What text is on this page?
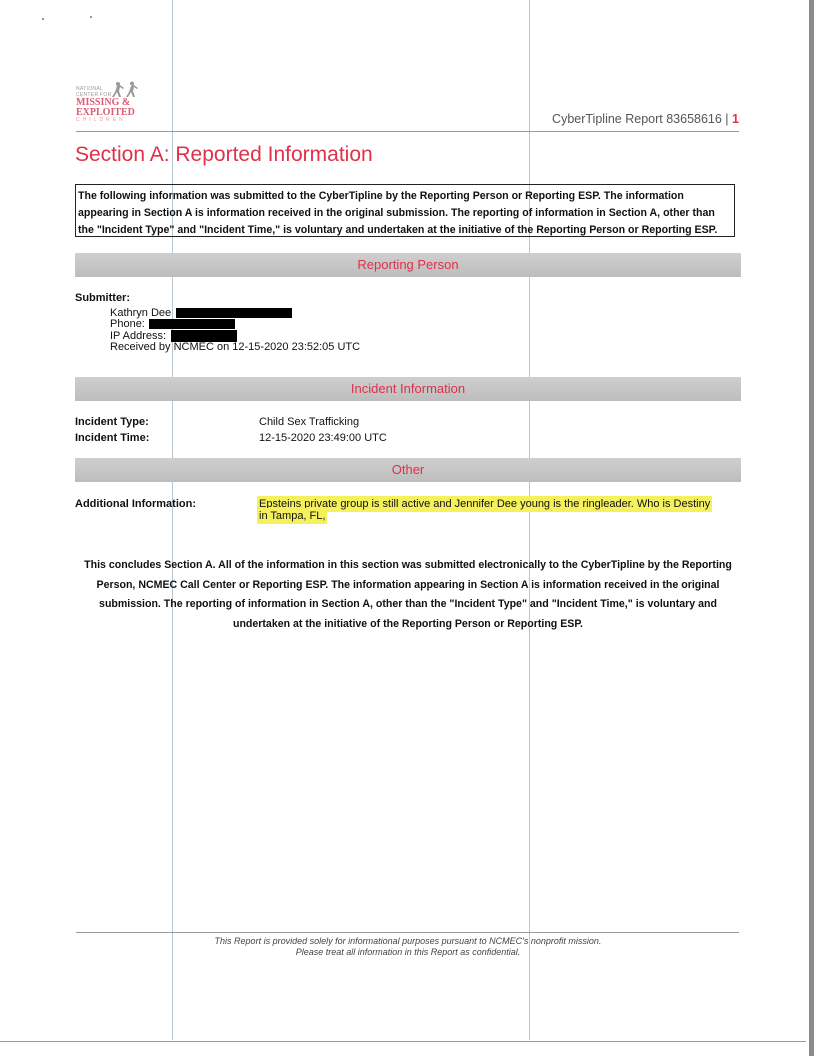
NATIONAL
CENTER FOR
MISSING &
EXPLOITED
CHILDREN	CyberTipline Report 83658616 | 1
Section A: Reported Information
The following information was submitted to the CyberTipline by the Reporting Person or Reporting ESP. The information appearing in Section A is information received in the original submission. The reporting of information in Section A, other than the "Incident Type" and "Incident Time," is voluntary and undertaken at the initiative of the Reporting Person or Reporting ESP.
Reporting Person
Submitter:
Kathryn Dee
Phone:
IP Address:
Received by NCMEC on 12-15-2020 23:52:05 UTC
Incident Information
Incident Type:	Child Sex Trafficking
Incident Time:	12-15-2020 23:49:00 UTC
Other
Additional Information:	Epsteins private group is still active and Jennifer Dee young is the ringleader. Who is Destiny
in Tampa, FL,
This concludes Section A. All of the information in this section was submitted electronically to the CyberTipline by the Reporting Person, NCMEC Call Center or Reporting ESP. The information appearing in Section A is information received in the original submission. The reporting of information in Section A, other than the "Incident Type" and "Incident Time," is voluntary and undertaken at the initiative of the Reporting Person or Reporting ESP.
This Report is provided solely for informational purposes pursuant to NCMEC's nonprofit mission.
Please treat all information in this Report as confidential.
